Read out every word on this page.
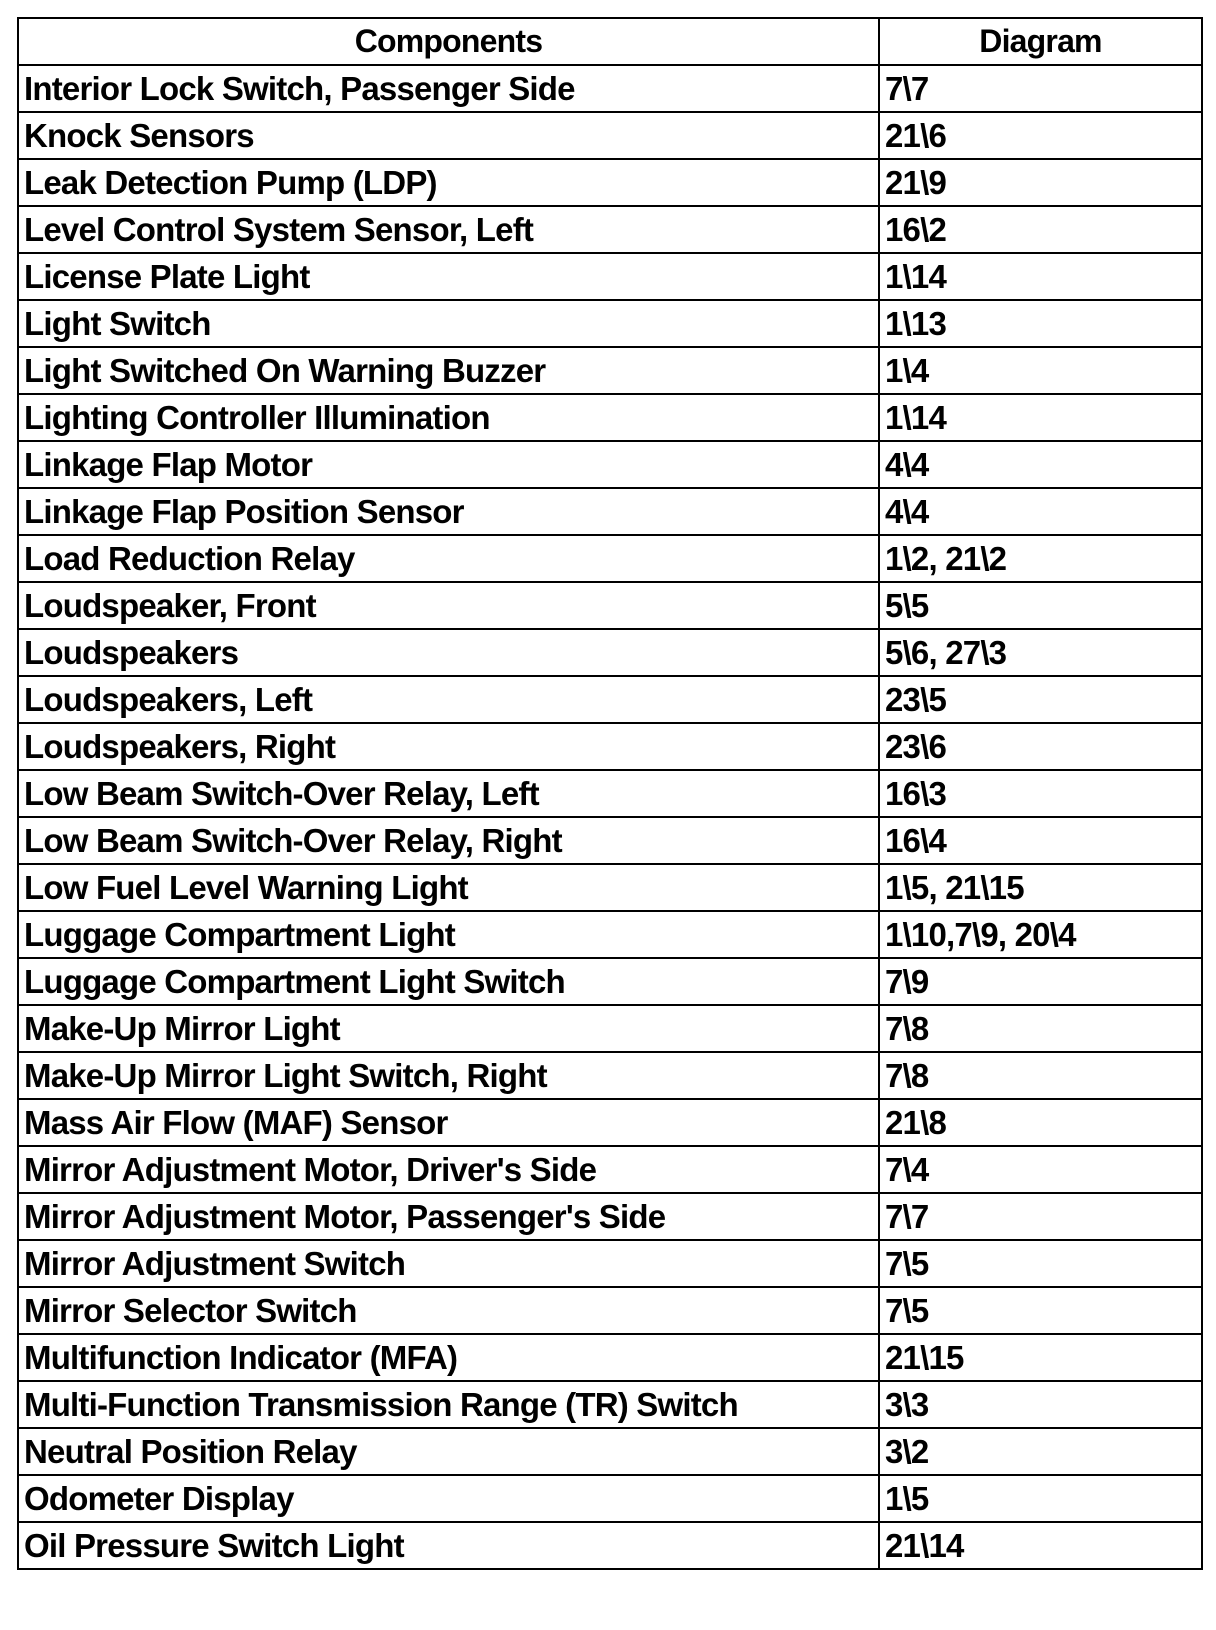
Components	Diagram
Interior Lock Switch, Passenger Side	7\7
Knock Sensors	21\6
Leak Detection Pump (LDP)	21\9
Level Control System Sensor, Left	16\2
License Plate Light	1\14
Light Switch	1\13
Light Switched On Warning Buzzer	1\4
Lighting Controller Illumination	1\14
Linkage Flap Motor	4\4
Linkage Flap Position Sensor	4\4
Load Reduction Relay	1\2, 21\2
Loudspeaker, Front	5\5
Loudspeakers	5\6, 27\3
Loudspeakers, Left	23\5
Loudspeakers, Right	23\6
Low Beam Switch-Over Relay, Left	16\3
Low Beam Switch-Over Relay, Right	16\4
Low Fuel Level Warning Light	1\5, 21\15
Luggage Compartment Light	1\10,7\9, 20\4
Luggage Compartment Light Switch	7\9
Make-Up Mirror Light	7\8
Make-Up Mirror Light Switch, Right	7\8
Mass Air Flow (MAF) Sensor	21\8
Mirror Adjustment Motor, Driver's Side	7\4
Mirror Adjustment Motor, Passenger's Side	7\7
Mirror Adjustment Switch	7\5
Mirror Selector Switch	7\5
Multifunction Indicator (MFA)	21\15
Multi-Function Transmission Range (TR) Switch	3\3
Neutral Position Relay	3\2
Odometer Display	1\5
Oil Pressure Switch Light	21\14
